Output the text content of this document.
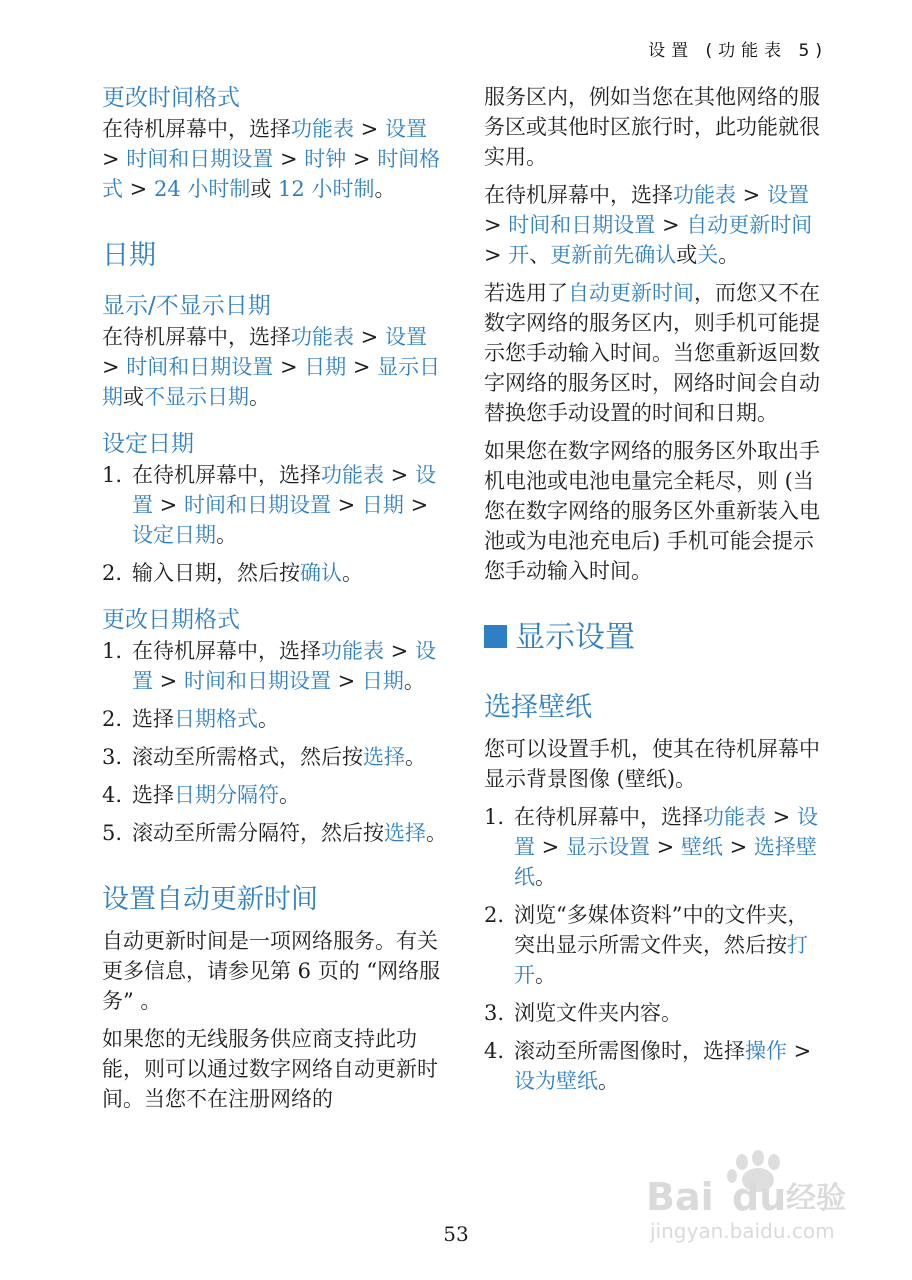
设置 (功能表 5)
更改时间格式

在待机屏幕中，选择功能表 > 设置 > 时间和日期设置 > 时钟 > 时间格式 > 24 小时制或 12 小时制。

日期
显示/不显示日期

在待机屏幕中，选择功能表 > 设置 > 时间和日期设置 > 日期 > 显示日期或不显示日期。

设定日期
1. 在待机屏幕中，选择功能表 > 设置 > 时间和日期设置 > 日期 > 设定日期。
2. 输入日期，然后按确认。
更改日期格式
1. 在待机屏幕中，选择功能表 > 设置 > 时间和日期设置 > 日期。
2. 选择日期格式。
3. 滚动至所需格式，然后按选择。
4. 选择日期分隔符。
5. 滚动至所需分隔符，然后按选择。
设置自动更新时间

自动更新时间是一项网络服务。有关更多信息，请参见第 6 页的 “网络服务” 。

如果您的无线服务供应商支持此功能，则可以通过数字网络自动更新时间。当您不在注册网络的

服务区内，例如当您在其他网络的服务区或其他时区旅行时，此功能就很实用。

在待机屏幕中，选择功能表 > 设置 > 时间和日期设置 > 自动更新时间 > 开、更新前先确认或关。

若选用了自动更新时间，而您又不在数字网络的服务区内，则手机可能提示您手动输入时间。当您重新返回数字网络的服务区时，网络时间会自动替换您手动设置的时间和日期。

如果您在数字网络的服务区外取出手机电池或电池电量完全耗尽，则 (当您在数字网络的服务区外重新装入电池或为电池充电后) 手机可能会提示您手动输入时间。

显示设置
选择壁纸

您可以设置手机，使其在待机屏幕中显示背景图像 (壁纸)。

1. 在待机屏幕中，选择功能表 > 设置 > 显示设置 > 壁纸 > 选择壁纸。
2. 浏览“多媒体资料”中的文件夹，突出显示所需文件夹，然后按打开。
3. 浏览文件夹内容。
4. 滚动至所需图像时，选择操作 > 设为壁纸。
53
Bai du 经验
jingyan.baidu.com
